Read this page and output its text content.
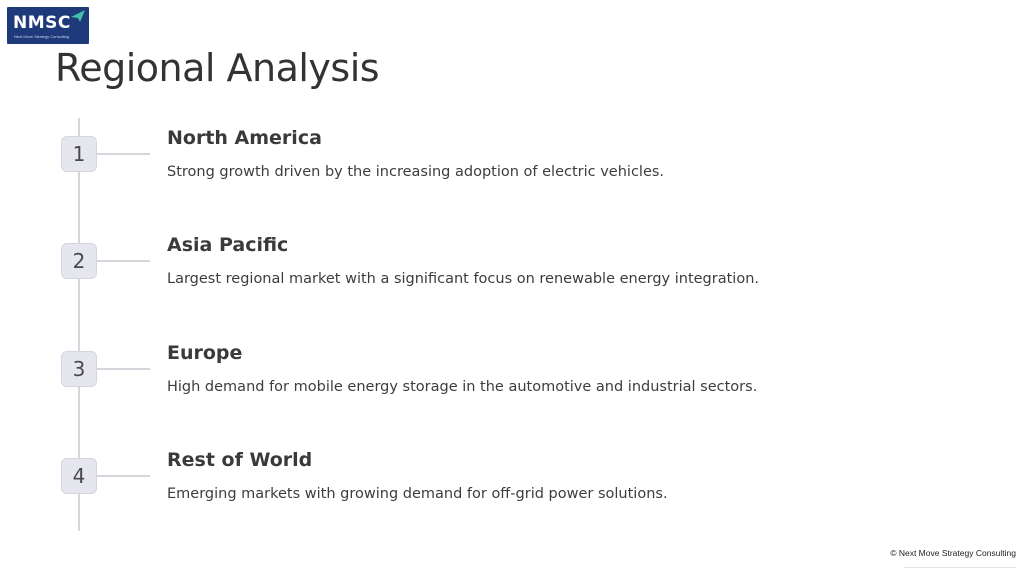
NMSC
Next Move Strategy Consulting
Regional Analysis
1
North America
Strong growth driven by the increasing adoption of electric vehicles.
2
Asia Pacific
Largest regional market with a significant focus on renewable energy integration.
3
Europe
High demand for mobile energy storage in the automotive and industrial sectors.
4
Rest of World
Emerging markets with growing demand for off-grid power solutions.
© Next Move Strategy Consulting
